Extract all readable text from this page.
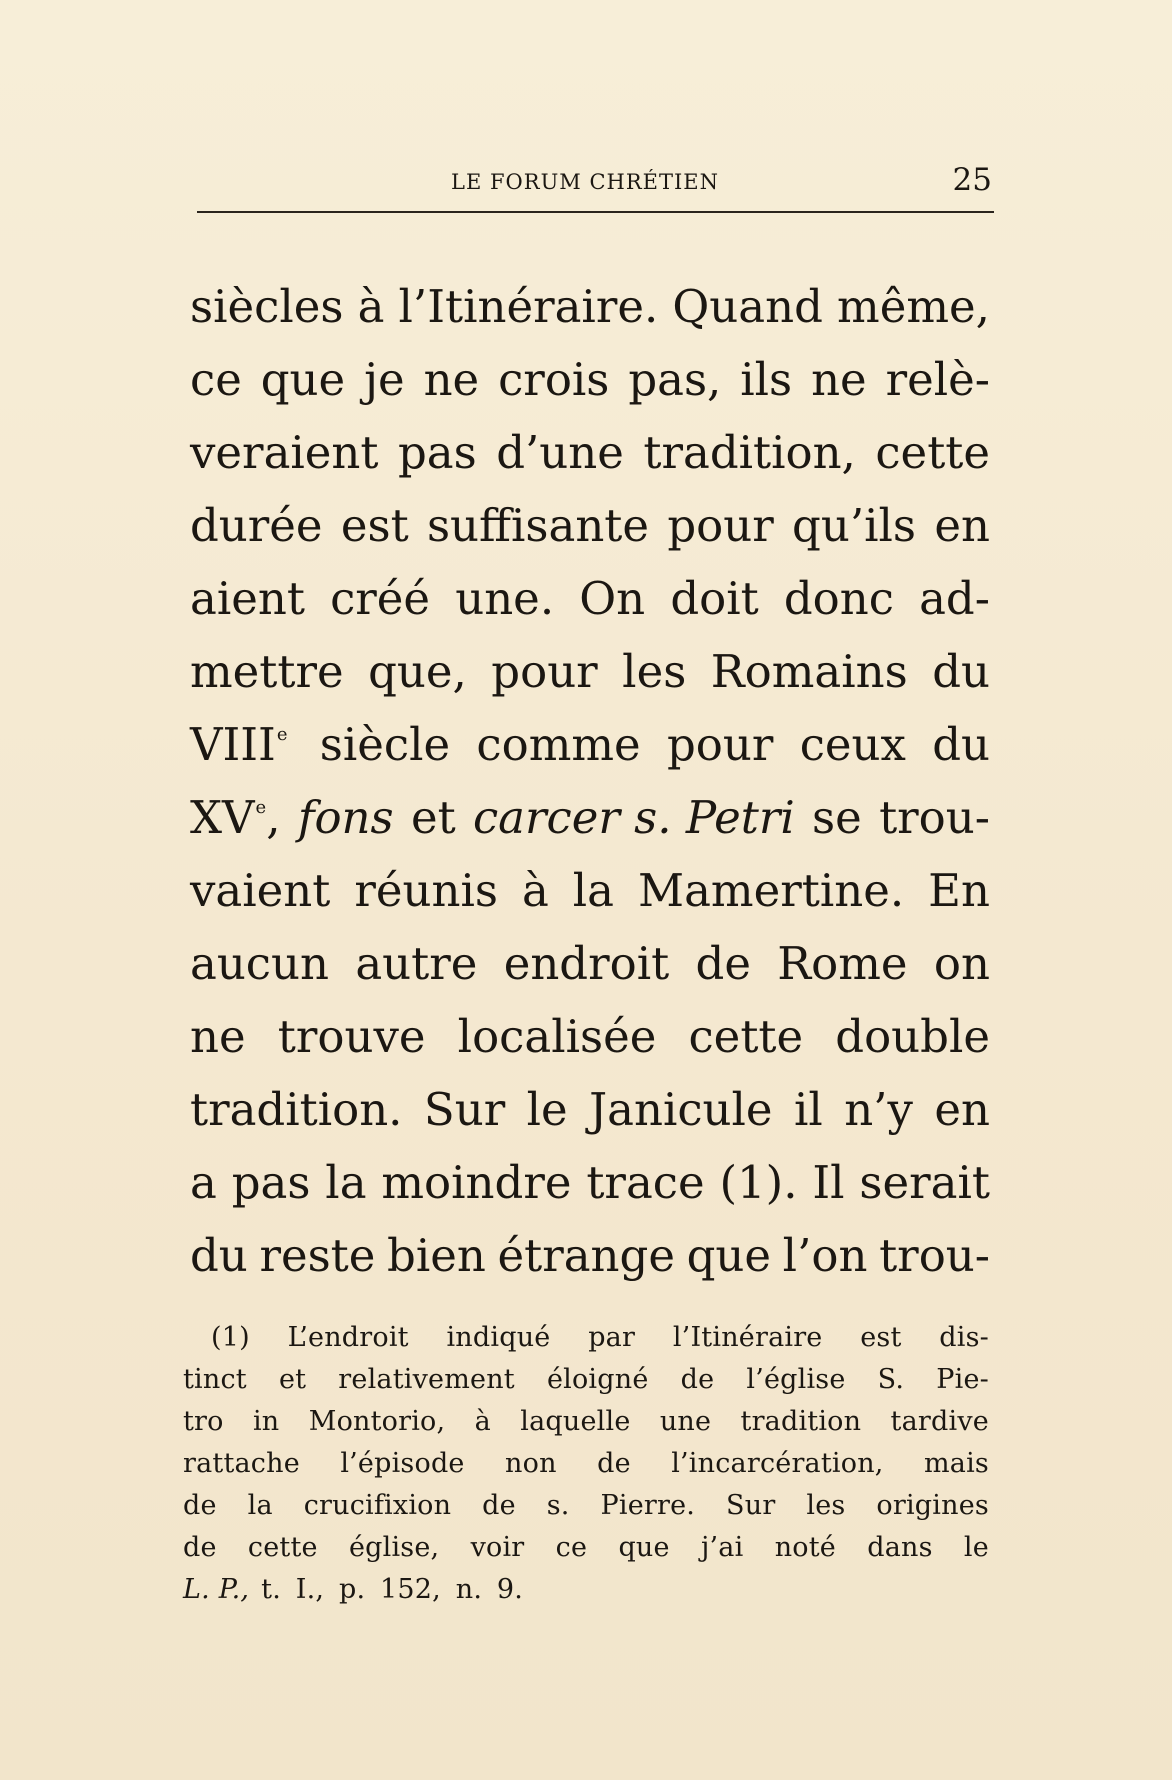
LE FORUM CHRÉTIEN	25
siècles à l’Itinéraire. Quand même,
ce que je ne crois pas, ils ne relè-
veraient pas d’une tradition, cette
durée est suffisante pour qu’ils en
aient créé une. On doit donc ad-
mettre que, pour les Romains du
VIIIe siècle comme pour ceux du
XVe, fons et carcer s. Petri se trou-
vaient réunis à la Mamertine. En
aucun autre endroit de Rome on
ne trouve localisée cette double
tradition. Sur le Janicule il n’y en
a pas la moindre trace (1). Il serait
du reste bien étrange que l’on trou-
(1) L’endroit indiqué par l’Itinéraire est dis-
tinct et relativement éloigné de l’église S. Pie-
tro in Montorio, à laquelle une tradition tardive
rattache l’épisode non de l’incarcération, mais
de la crucifixion de s. Pierre. Sur les origines
de cette église, voir ce que j’ai noté dans le
L. P., t. I., p. 152, n. 9.
